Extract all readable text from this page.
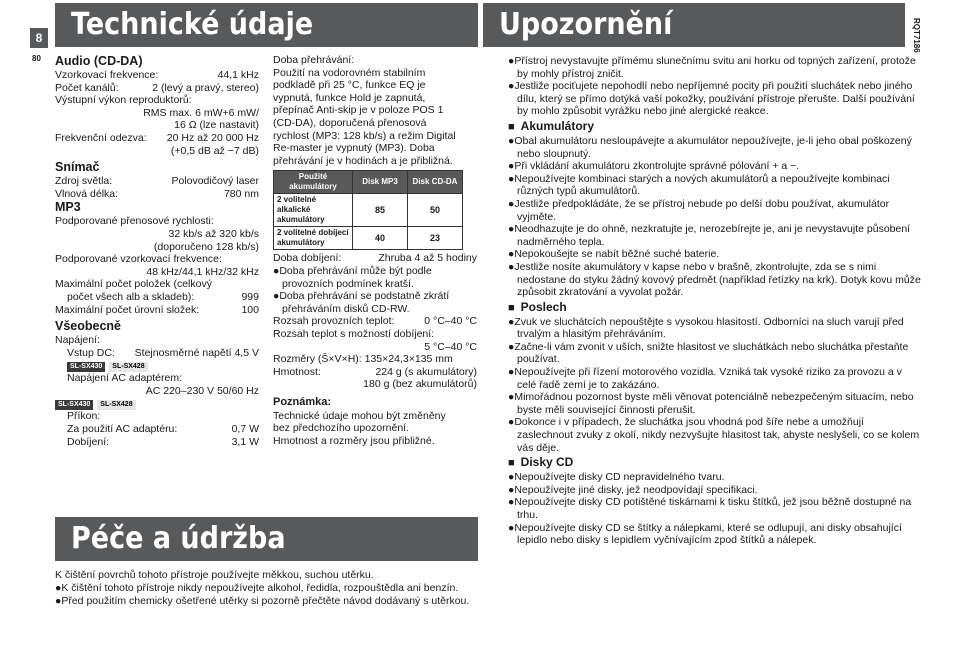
8
80
RQT7186
Technické údaje	Upozornění
Péče a údržba
Audio (CD-DA)
Vzorkovací frekvence:	44,1 kHz
Počet kanálů:	2 (levý a pravý, stereo)
Výstupní výkon reproduktorů:
RMS max. 6 mW+6 mW/
16 Ω (lze nastavit)
Frekvenční odezva: 20 Hz až 20 000 Hz
(+0,5 dB až −7 dB)
Snímač
Zdroj světla:	Polovodičový laser
Vlnová délka:	780 nm
MP3
Podporované přenosové rychlosti:
32 kb/s až 320 kb/s
(doporučeno 128 kb/s)
Podporované vzorkovací frekvence:
48 kHz/44,1 kHz/32 kHz
Maximální počet položek (celkový
počet všech alb a skladeb):	999
Maximální počet úrovní složek:	100
Všeobecně
Napájení:
Vstup DC: Stejnosměrné napětí 4,5 V
SL-SX430 SL-SX428
Napájení AC adaptérem:
AC 220–230 V 50/60 Hz
SL-SX430 SL-SX428
Příkon:
Za použití AC adaptéru:	0,7 W
Dobíjení:	3,1 W
Doba přehrávání:
Použití na vodorovném stabilním
podkladě při 25 °C, funkce EQ je
vypnutá, funkce Hold je zapnutá,
přepínač Anti-skip je v poloze POS 1
(CD-DA), doporučená přenosová
rychlost (MP3: 128 kb/s) a režim Digital
Re-master je vypnutý (MP3). Doba
přehrávání je v hodinách a je přibližná.
Použité akumulátory	Disk MP3	Disk CD-DA
2 volitelné alkalické akumulátory	85	50
2 volitelné dobíjecí akumulátory	40	23
Doba dobíjení:	Zhruba 4 až 5 hodiny
●Doba přehrávání může být podle provozních podmínek kratší.
●Doba přehrávání se podstatně zkrátí přehráváním disků CD-RW.
Rozsah provozních teplot:	0 °C–40 °C
Rozsah teplot s možností dobíjení:
5 °C–40 °C
Rozměry (Š×V×H): 135×24,3×135 mm
Hmotnost:	224 g (s akumulátory)
180 g (bez akumulátorů)
Poznámka:
Technické údaje mohou být změněny
bez předchozího upozornění.
Hmotnost a rozměry jsou přibližné.
K čištění povrchů tohoto přístroje používejte měkkou, suchou utěrku.
●K čištění tohoto přístroje nikdy nepoužívejte alkohol, ředidla, rozpouštědla ani benzín.
●Před použitím chemicky ošetřené utěrky si pozorně přečtěte návod dodávaný s utěrkou.
●Přístroj nevystavujte přímému slunečnímu svitu ani horku od topných zařízení, protože by mohly přístroj zničit.
●Jestliže pociťujete nepohodlí nebo nepříjemné pocity při použití sluchátek nebo jiného dílu, který se přímo dotýká vaší pokožky, používání přístroje přerušte. Další používání by mohlo způsobit vyrážku nebo jiné alergické reakce.
■ Akumulátory
●Obal akumulátoru nesloupávejte a akumulátor nepoužívejte, je-li jeho obal poškozený nebo sloupnutý.
●Při vkládání akumulátoru zkontrolujte správné pólování + a −.
●Nepoužívejte kombinaci starých a nových akumulátorů a nepoužívejte kombinaci různých typů akumulátorů.
●Jestliže předpokládáte, že se přístroj nebude po delší dobu používat, akumulátor vyjměte.
●Neodhazujte je do ohně, nezkratujte je, nerozebírejte je, ani je nevystavujte působení nadměrného tepla.
●Nepokoušejte se nabít běžné suché baterie.
●Jestliže nosíte akumulátory v kapse nebo v brašně, zkontrolujte, zda se s nimi nedostane do styku žádný kovový předmět (například řetízky na krk). Dotyk kovu může způsobit zkratování a vyvolat požár.
■ Poslech
●Zvuk ve sluchátcích nepouštějte s vysokou hlasitostí. Odborníci na sluch varují před trvalým a hlasitým přehráváním.
●Začne-li vám zvonit v uších, snižte hlasitost ve sluchátkách nebo sluchátka přestaňte používat.
●Nepoužívejte při řízení motorového vozidla. Vzniká tak vysoké riziko za provozu a v celé řadě zemí je to zakázáno.
●Mimořádnou pozornost byste měli věnovat potenciálně nebezpečeným situacím, nebo byste měli související činnosti přerušit.
●Dokonce i v případech, že sluchátka jsou vhodná pod šíře nebe a umožňují zaslechnout zvuky z okolí, nikdy nezvyšujte hlasitost tak, abyste neslyšeli, co se kolem vás děje.
■ Disky CD
●Nepoužívejte disky CD nepravidelného tvaru.
●Nepoužívejte jiné disky, jež neodpovídají specifikaci.
●Nepoužívejte disky CD potištěné tiskárnami k tisku štítků, jež jsou běžně dostupné na trhu.
●Nepoužívejte disky CD se štítky a nálepkami, které se odlupují, ani disky obsahující lepidlo nebo disky s lepidlem vyčnívajícím zpod štítků a nálepek.
